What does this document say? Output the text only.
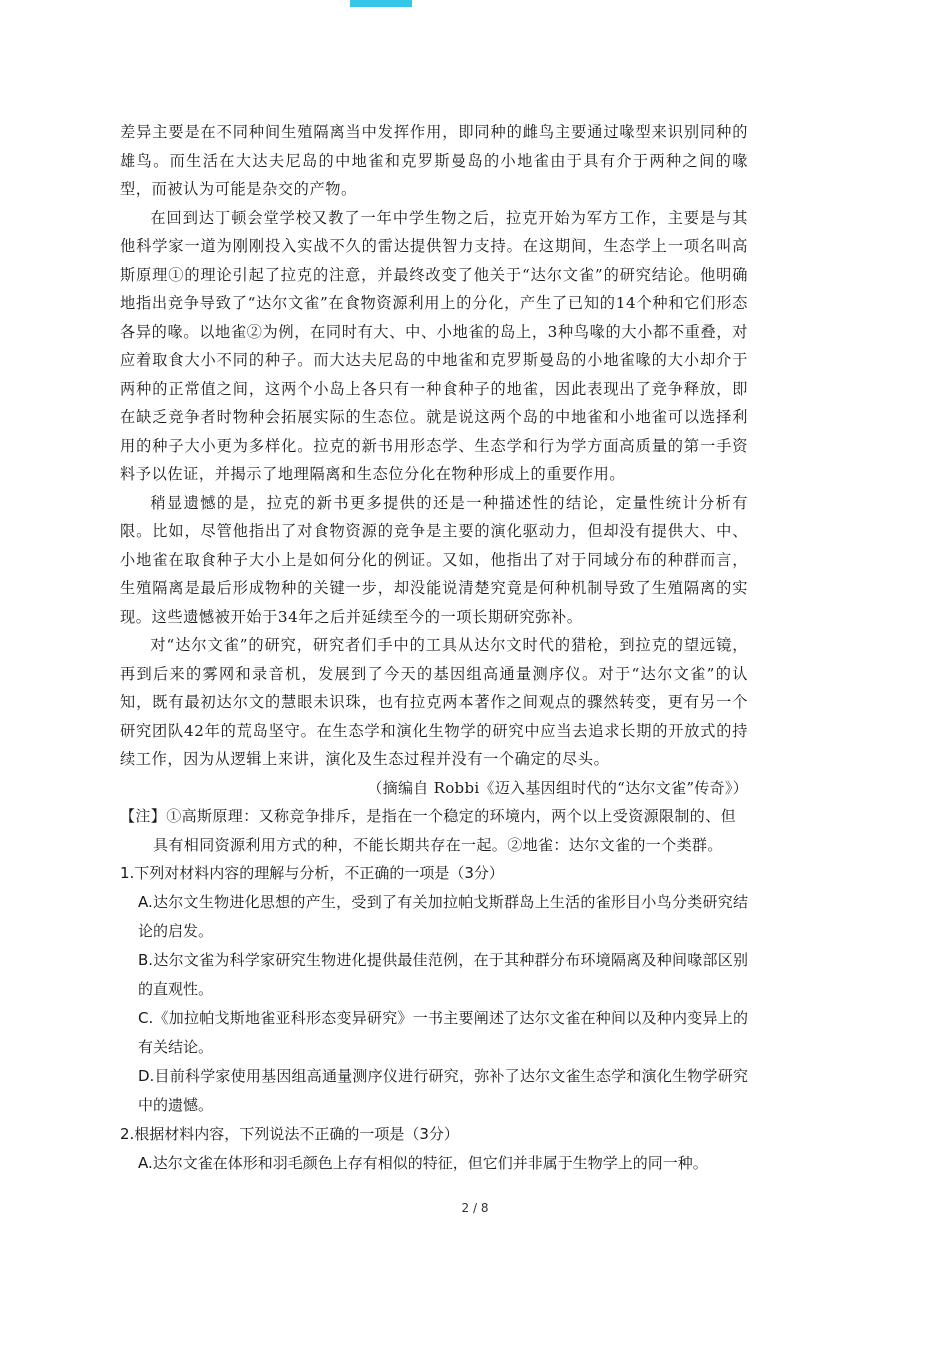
差异主要是在不同种间生殖隔离当中发挥作用，即同种的雌鸟主要通过喙型来识别同种的雄鸟。而生活在大达夫尼岛的中地雀和克罗斯曼岛的小地雀由于具有介于两种之间的喙型，而被认为可能是杂交的产物。

在回到达丁顿会堂学校又教了一年中学生物之后，拉克开始为军方工作，主要是与其他科学家一道为刚刚投入实战不久的雷达提供智力支持。在这期间，生态学上一项名叫高斯原理①的理论引起了拉克的注意，并最终改变了他关于“达尔文雀”的研究结论。他明确地指出竞争导致了“达尔文雀”在食物资源利用上的分化，产生了已知的14个种和它们形态各异的喙。以地雀②为例，在同时有大、中、小地雀的岛上，3种鸟喙的大小都不重叠，对应着取食大小不同的种子。而大达夫尼岛的中地雀和克罗斯曼岛的小地雀喙的大小却介于两种的正常值之间，这两个小岛上各只有一种食种子的地雀，因此表现出了竞争释放，即在缺乏竞争者时物种会拓展实际的生态位。就是说这两个岛的中地雀和小地雀可以选择利用的种子大小更为多样化。拉克的新书用形态学、生态学和行为学方面高质量的第一手资料予以佐证，并揭示了地理隔离和生态位分化在物种形成上的重要作用。

稍显遗憾的是，拉克的新书更多提供的还是一种描述性的结论，定量性统计分析有限。比如，尽管他指出了对食物资源的竞争是主要的演化驱动力，但却没有提供大、中、小地雀在取食种子大小上是如何分化的例证。又如，他指出了对于同域分布的种群而言，生殖隔离是最后形成物种的关键一步，却没能说清楚究竟是何种机制导致了生殖隔离的实现。这些遗憾被开始于34年之后并延续至今的一项长期研究弥补。

对“达尔文雀”的研究，研究者们手中的工具从达尔文时代的猎枪，到拉克的望远镜，再到后来的雾网和录音机，发展到了今天的基因组高通量测序仪。对于“达尔文雀”的认知，既有最初达尔文的慧眼未识珠，也有拉克两本著作之间观点的骤然转变，更有另一个研究团队42年的荒岛坚守。在生态学和演化生物学的研究中应当去追求长期的开放式的持续工作，因为从逻辑上来讲，演化及生态过程并没有一个确定的尽头。

（摘编自 Robbi《迈入基因组时代的“达尔文雀”传奇》）

【注】①高斯原理：又称竞争排斥，是指在一个稳定的环境内，两个以上受资源限制的、但

具有相同资源利用方式的种，不能长期共存在一起。②地雀：达尔文雀的一个类群。

1.下列对材料内容的理解与分析，不正确的一项是（3分）

A.达尔文生物进化思想的产生，受到了有关加拉帕戈斯群岛上生活的雀形目小鸟分类研究结论的启发。

B.达尔文雀为科学家研究生物进化提供最佳范例，在于其种群分布环境隔离及种间喙部区别的直观性。

C.《加拉帕戈斯地雀亚科形态变异研究》一书主要阐述了达尔文雀在种间以及种内变异上的有关结论。

D.目前科学家使用基因组高通量测序仪进行研究，弥补了达尔文雀生态学和演化生物学研究中的遗憾。

2.根据材料内容，下列说法不正确的一项是（3分）

A.达尔文雀在体形和羽毛颜色上存有相似的特征，但它们并非属于生物学上的同一种。

2 / 8
